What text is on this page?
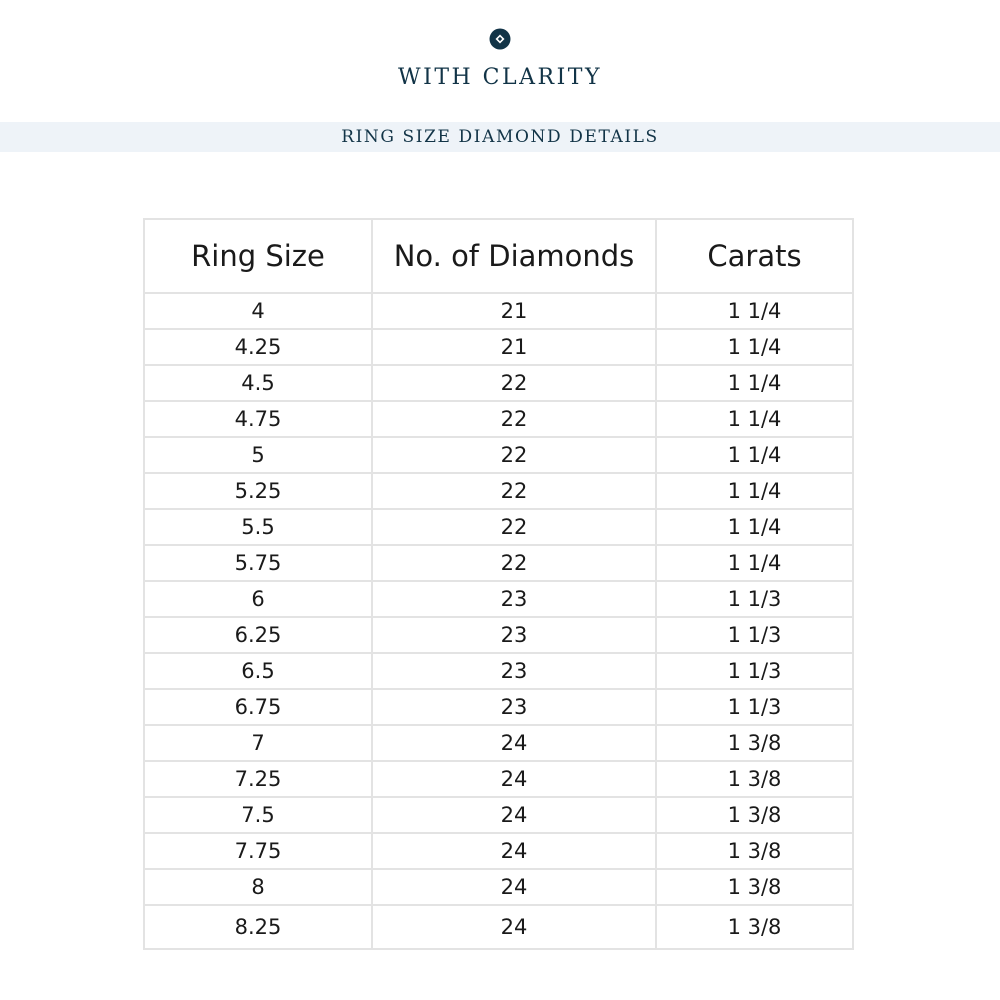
WITH CLARITY
RING SIZE DIAMOND DETAILS
Ring Size	No. of Diamonds	Carats
4	21	1 1/4
4.25	21	1 1/4
4.5	22	1 1/4
4.75	22	1 1/4
5	22	1 1/4
5.25	22	1 1/4
5.5	22	1 1/4
5.75	22	1 1/4
6	23	1 1/3
6.25	23	1 1/3
6.5	23	1 1/3
6.75	23	1 1/3
7	24	1 3/8
7.25	24	1 3/8
7.5	24	1 3/8
7.75	24	1 3/8
8	24	1 3/8
8.25	24	1 3/8
